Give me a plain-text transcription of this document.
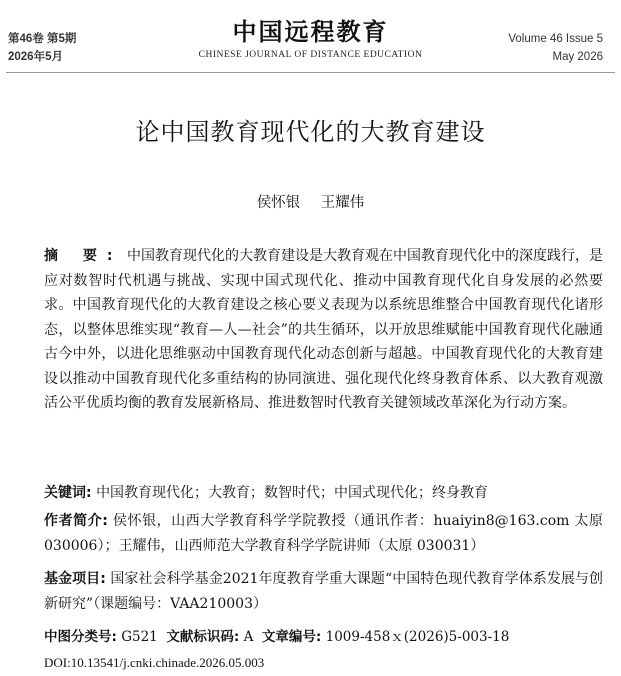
第46卷 第5期
2026年5月
中国远程教育
CHINESE JOURNAL OF DISTANCE EDUCATION
Volume 46 Issue 5
May 2026
论中国教育现代化的大教育建设
侯怀银 王耀伟
摘 要: 中国教育现代化的大教育建设是大教育观在中国教育现代化中的深度践行，是应对数智时代机遇与挑战、实现中国式现代化、推动中国教育现代化自身发展的必然要求。中国教育现代化的大教育建设之核心要义表现为以系统思维整合中国教育现代化诸形态，以整体思维实现“教育—人—社会”的共生循环，以开放思维赋能中国教育现代化融通古今中外，以进化思维驱动中国教育现代化动态创新与超越。中国教育现代化的大教育建设以推动中国教育现代化多重结构的协同演进、强化现代化终身教育体系、以大教育观激活公平优质均衡的教育发展新格局、推进数智时代教育关键领域改革深化为行动方案。
关键词: 中国教育现代化；大教育；数智时代；中国式现代化；终身教育
作者简介: 侯怀银，山西大学教育科学学院教授（通讯作者：huaiyin8@163.com 太原 030006）；王耀伟，山西师范大学教育科学学院讲师（太原 030031）
基金项目: 国家社会科学基金2021年度教育学重大课题“中国特色现代教育学体系发展与创新研究”（课题编号：VAA210003）
中图分类号: G521 文献标识码: A 文章编号: 1009-458ｘ(2026)5-003-18
DOI:10.13541/j.cnki.chinade.2026.05.003
